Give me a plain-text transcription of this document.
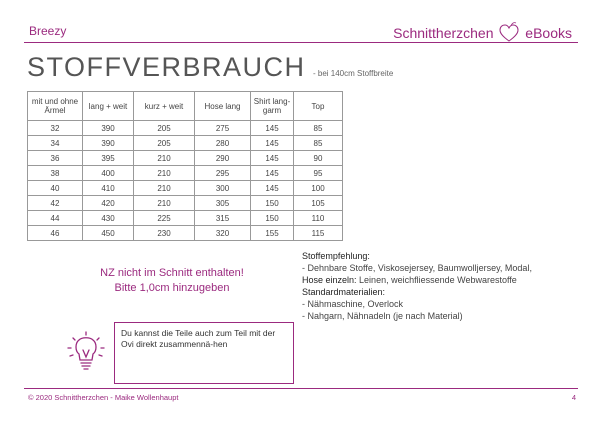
Breezy	Schnittherzchen eBooks
STOFFVERBRAUCH - bei 140cm Stoffbreite
mit und ohne Ärmel	lang + weit	kurz + weit	Hose lang	Shirt lang-garm	Top
32	390	205	275	145	85
34	390	205	280	145	85
36	395	210	290	145	90
38	400	210	295	145	95
40	410	210	300	145	100
42	420	210	305	150	105
44	430	225	315	150	110
46	450	230	320	155	115
Stoffempfehlung:
- Dehnbare Stoffe, Viskosejersey, Baumwolljersey, Modal,
Hose einzeln: Leinen, weichfliessende Webwarestoffe
Standardmaterialien:
- Nähmaschine, Overlock
- Nahgarn, Nähnadeln (je nach Material)
NZ nicht im Schnitt enthalten!
Bitte 1,0cm hinzugeben
Du kannst die Teile auch zum Teil mit der Ovi direkt zusammennä-hen
© 2020 Schnittherzchen - Maike Wollenhaupt	4
